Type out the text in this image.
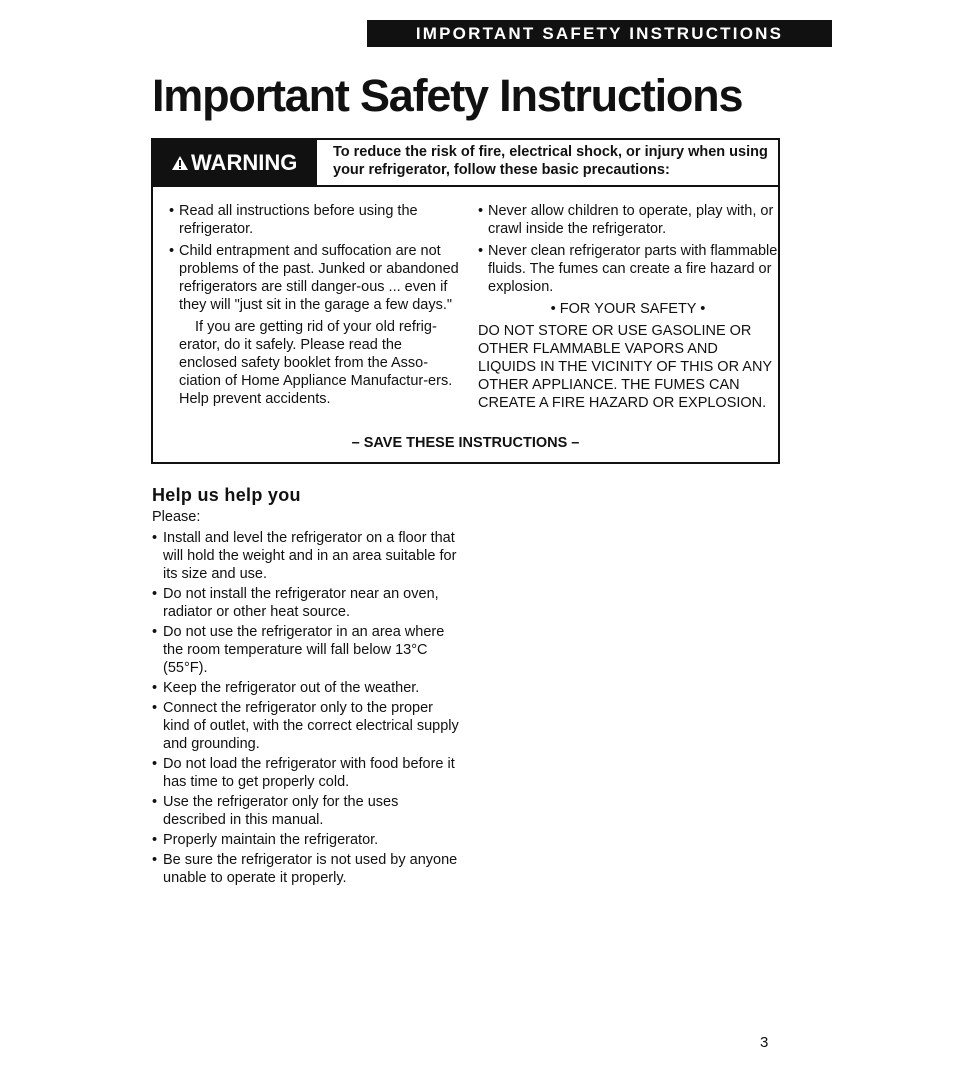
IMPORTANT SAFETY INSTRUCTIONS
Important Safety Instructions
WARNING To reduce the risk of fire, electrical shock, or injury when using your refrigerator, follow these basic precautions:
• Read all instructions before using the refrigerator.
• Child entrapment and suffocation are not problems of the past. Junked or abandoned refrigerators are still danger-ous ... even if they will "just sit in the garage a few days."
If you are getting rid of your old refrig-erator, do it safely. Please read the enclosed safety booklet from the Asso-ciation of Home Appliance Manufactur-ers. Help prevent accidents.
• Never allow children to operate, play with, or crawl inside the refrigerator.
• Never clean refrigerator parts with flammable fluids. The fumes can create a fire hazard or explosion.
• FOR YOUR SAFETY •

DO NOT STORE OR USE GASOLINE OR OTHER FLAMMABLE VAPORS AND LIQUIDS IN THE VICINITY OF THIS OR ANY OTHER APPLIANCE. THE FUMES CAN CREATE A FIRE HAZARD OR EXPLOSION.

– SAVE THESE INSTRUCTIONS –
Help us help you
Please:
• Install and level the refrigerator on a floor that will hold the weight and in an area suitable for its size and use.
• Do not install the refrigerator near an oven, radiator or other heat source.
• Do not use the refrigerator in an area where the room temperature will fall below 13°C (55°F).
• Keep the refrigerator out of the weather.
• Connect the refrigerator only to the proper kind of outlet, with the correct electrical supply and grounding.
• Do not load the refrigerator with food before it has time to get properly cold.
• Use the refrigerator only for the uses described in this manual.
• Properly maintain the refrigerator.
• Be sure the refrigerator is not used by anyone unable to operate it properly.
3
